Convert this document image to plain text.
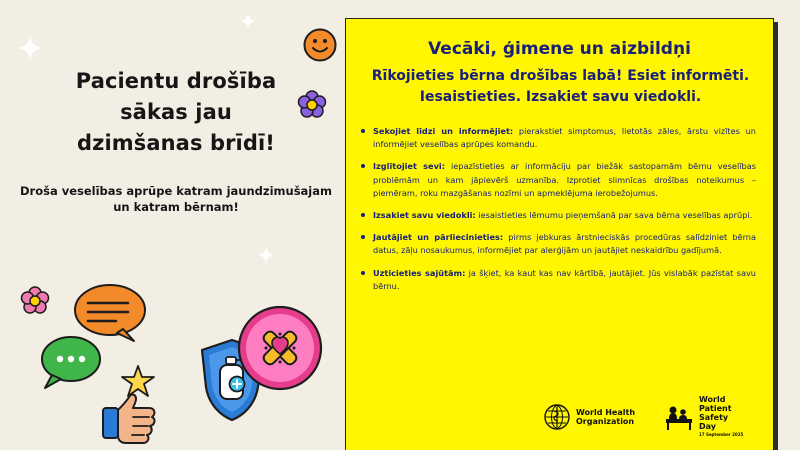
Pacientu drošība
sākas jau
dzimšanas brīdī!
Droša veselības aprūpe katram jaundzimušajam
un katram bērnam!
Vecāki, ģimene un aizbildņi
Rīkojieties bērna drošības labā! Esiet informēti.
Iesaistieties. Izsakiet savu viedokli.
Sekojiet līdzi un informējiet: pierakstiet simptomus, lietotās zāles, ārstu vizītes un informējiet veselības aprūpes komandu.
Izglītojiet sevi: iepazīstieties ar informāciju par biežāk sastopamām bērnu veselības problēmām un kam jāpievērš uzmanība. Izprotiet slimnīcas drošības noteikumus – piemēram, roku mazgāšanas nozīmi un apmeklējuma ierobežojumus.
Izsakiet savu viedokli: iesaistieties lēmumu pieņemšanā par sava bērna veselības aprūpi.
Jautājiet un pārliecinieties: pirms jebkuras ārstnieciskās procedūras salīdziniet bērna datus, zāļu nosaukumus, informējiet par alerģijām un jautājiet neskaidrību gadījumā.
Uzticieties sajūtām: ja šķiet, ka kaut kas nav kārtībā, jautājiet. Jūs vislabāk pazīstat savu bērnu.
World Health
Organization
World
Patient Safety
Day
17 September 2025
